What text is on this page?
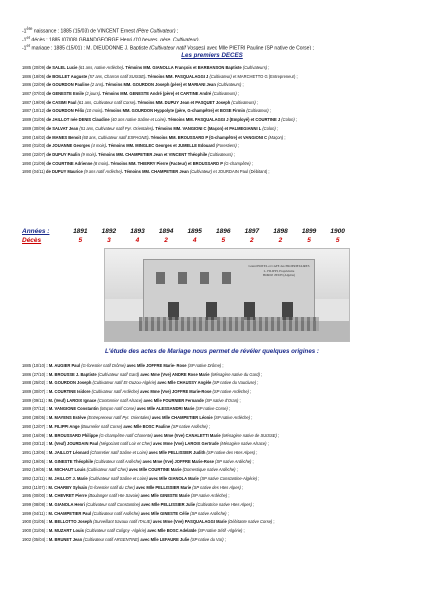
-1ère naissance : 1885 (15/03) de VINCENT Ernest (Père Cultivateur) ;
-1er décès : 1885 (07/08) GRANDGEORGE Henri (10 heures, père, Cultivateur).
-1er mariage : 1885 (15/01) : M. DIEUDONNE J. Baptiste (Cultivateur natif Vosges) avec Mlle PIETRI Pauline (SP native de Corse) ;
Les premiers DECES
1885 (20/09) de SALEL Lucie (61 ans, native Ardèche). Témoins MM. GIANOLLA François et BARBANSON Baptiste (Cultivateurs) ;
1886 (18/05) de BOILLET Auguste (57 ans, Charron natif SUISSE). Témoins MM. PASQUALAGGI J (Cultivateur) et MARCHETTO G (Entrepreneur) ;
1886 (22/09) de GOURDON Pauline (2 ans). Témoins MM. GOURDON Joseph (père) et MARIANI Jean (Cultivateurs) ;
1887 (07/03) de GENESTE Emile (2 jours). Témoins MM. GENESTE André (père) et CARTINE André (Cultivateurs) ;
1887 (19/09) de CASIMI Paul (61 ans, Cultivateur natif Corse). Témoins MM. DUPUY Jean et PASQUET Joseph (Cultivateurs) ;
1887 (10/12) de GOURDON Félix (10 mois). Témoins MM. GOURDON Hyppolyte (père, G-champêtre) et BOSE Firmin (Cultivateur) ;
1889 (31/05) de JAILLOT née DENIS Claudine (40 ans native Saône et Loire). Témoins MM. PASQUALAGGI J (Employé) et COURTINE J (Colon) ;
1889 (30/09) de SALVAT Jean (51 ans, Cultivateur natif Pyr. Orientales). Témoins MM. VANGIONI C (Maçon) et PALMEGIANNI L (Colon) ;
1890 (16/02) de MANES Benoit (60 ans, Cultivateur natif ESPAGNE). Témoins MM. BROUSSARD P (G-champêtre) et VANGIONI C (Maçon) ;
1890 (01/03) de JOUANNE Georges (4 mois). Témoins MM. MINGLEC Georges et JUMELLE Edouard (Forestiers) ;
1890 (22/07) de DUPUY Paulin (9 mois). Témoins MM. CHAMPETIER Jean et VINCENT Théophile (Cultivateurs) ;
1890 (21/09) de COURTINE Adrienne (8 mois). Témoins MM. THIERRY Pierre (Facteur) et BROUSSARD P (G-champêtre) ;
1890 (04/11) de DUPUY Maurice (9 ans natif Ardèche). Témoins MM. CHAMPETIER Jean (Cultivateur) et JOURDAIN Paul (Débitant) ;
Années :	1891	1892	1893	1894	1895	1896	1897	1898	1899	1900
Décès	5	3	4	2	4	5	2	2	5	5
Grand HOTEL et CAFE des PROPRIETAIRES
L. FILIPPI, Propriétaire
BORDJ d'EUH (Algérie)
L'étude des actes de Mariage nous permet de révéler quelques origines :
1885 (10/10) : M. AUGIER Paul (G-forestier natif Drôme) avec Mlle JOFFRE Marie- Rose (SP native Drôme) ;
1886 (27/10) : M. BROUSSE J. Baptiste (Cultivateur natif Gard) avec Mme (Vve) ANDRE Rose Marie (Ménagère native du Gard) ;
1888 (25/02) : M. GOURDON Joseph (Cultivateur natif Et-Ouzou-Algérie) avec Mlle CHAUSSY Angèle (SP native du Vaucluse) ;
1889 (30/07) : M. COURTINE Isidore (Cultivateur natif Ardèche) avec Mme (Vve) JOFFRE Marie-Rose (SP native Ardèche) ;
1889 (09/11) : M. (Veuf) LAROIX Ignace (Contonnier natif Alsace) avec Mlle FOURNIER Fernande (SP native d'Oran) ;
1889 (07/12) : M. VANGIONE Constantin (Maçon natif Corse) avec Mlle ALESSANDRI Marie (SP native Corse) ;
1890 (28/05) : M. MAYENS Estève (Entrepreneur natif Pyr. Orientales) avec Mlle CHAMPETIER Léonie (SP native Ardèche) ;
1890 (12/07) : M. FILIPPI Ange (Bourrelier natif Corse) avec Mlle BOSC Pauline (SP native Ardèche) ;
1890 (16/09) : M. BROUSSARD Philippe (G-champêtre natif Charente) avec Mme (Vve) CANALETTI Marie (Ménagère native de SUISSE) ;
1890 (03/12) : M. (Veuf) JOURDAIN Paul (Négociant natif Loir et Cher) avec Mme (Vve) LAROIX Gertrude (Ménagère native Alsace) ;
1891 (13/06) : M. JAILLOT Léonard (Charretier natif Saône et Loire) avec Mlle PELLISSIER Judith (SP native des Htes Alpes) ;
1892 (19/05) : M. GINESTE Théophile (Cultivateur natif Ardèche) avec Mme (Vve) JOFFRE Marie-Rose (SP native Ardèche) ;
1892 (19/05) : M. MICHAUT Louis (Cultivateur natif Cher) avec Mlle COURTINE Marie (Domestique native Ardèche) ;
1892 (12/11) : M. JAILLOT J. Marie (Cultivateur natif Saône et Loire) avec Mlle GIANOLA Marie (SP native Constantine-Algérie) ;
1893 (11/07) : M. CHARBY Sylvain (G-forestier natif du Cher) avec Mlle PELLISSIER Marie (SP native des Htes Alpes) ;
1895 (00/00) : M. CHEVRET Pierre (Boulanger natif Hte Savoie) avec Mlle GINESTE Marie (SP native Ardèche) ;
1899 (08/08) : M. GIANOLA Henri (Cultivateur natif Constantine) avec Mlle PELLISSIER Julie (Cultivatrice native Htes Alpes) ;
1899 (04/11) : M. CHAMPETIER Paul (Cultivateur natif Ardèche) avec Mlle GINESTE Célie (SP native Ardèche) ;
1900 (01/05) : M. BELLOTTO Joseph (Surveillant travaux natif ITALIE) avec Mme (Vve) PASQUALAGGI Marie (Débitante native Corse) ;
1900 (31/06) : M. MUZART Louis (Cultivateur natif Coligny -Algérie) avec Mlle BOSC Adelaïde (SP native Sétif -Algérie) ;
1902 (05/04) : M. BRUNET Jean (Cultivateur natif ARGENTINE) avec Mlle LEFAURE Julie (SP native du Var) ;
